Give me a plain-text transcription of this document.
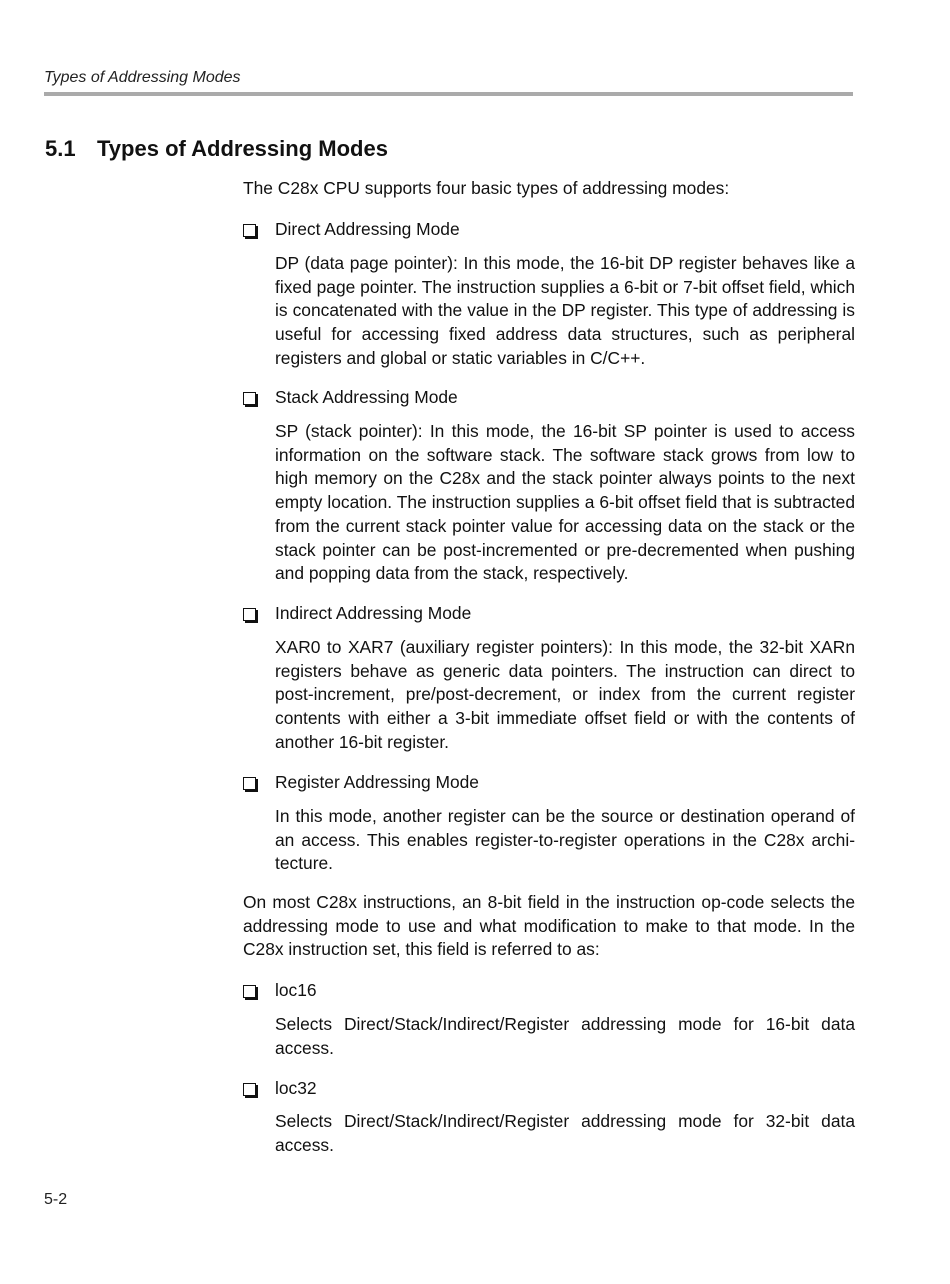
Types of Addressing Modes
5.1 Types of Addressing Modes
The C28x CPU supports four basic types of addressing modes:
Direct Addressing Mode
DP (data page pointer): In this mode, the 16-bit DP register behaves like a fixed page pointer. The instruction supplies a 6-bit or 7-bit offset field, which is concatenated with the value in the DP register. This type of addressing is useful for accessing fixed address data structures, such as peripheral registers and global or static variables in C/C++.
Stack Addressing Mode
SP (stack pointer): In this mode, the 16-bit SP pointer is used to access information on the software stack. The software stack grows from low to high memory on the C28x and the stack pointer always points to the next empty location. The instruction supplies a 6-bit offset field that is subtracted from the current stack pointer value for accessing data on the stack or the stack pointer can be post-incremented or pre-decremented when pushing and popping data from the stack, respectively.
Indirect Addressing Mode
XAR0 to XAR7 (auxiliary register pointers): In this mode, the 32-bit XARn registers behave as generic data pointers. The instruction can direct to post-increment, pre/post-decrement, or index from the current register contents with either a 3-bit immediate offset field or with the contents of another 16-bit register.
Register Addressing Mode
In this mode, another register can be the source or destination operand of an access. This enables register-to-register operations in the C28x architecture.
On most C28x instructions, an 8-bit field in the instruction op-code selects the addressing mode to use and what modification to make to that mode. In the C28x instruction set, this field is referred to as:
loc16
Selects Direct/Stack/Indirect/Register addressing mode for 16-bit data access.
loc32
Selects Direct/Stack/Indirect/Register addressing mode for 32-bit data access.
5-2
